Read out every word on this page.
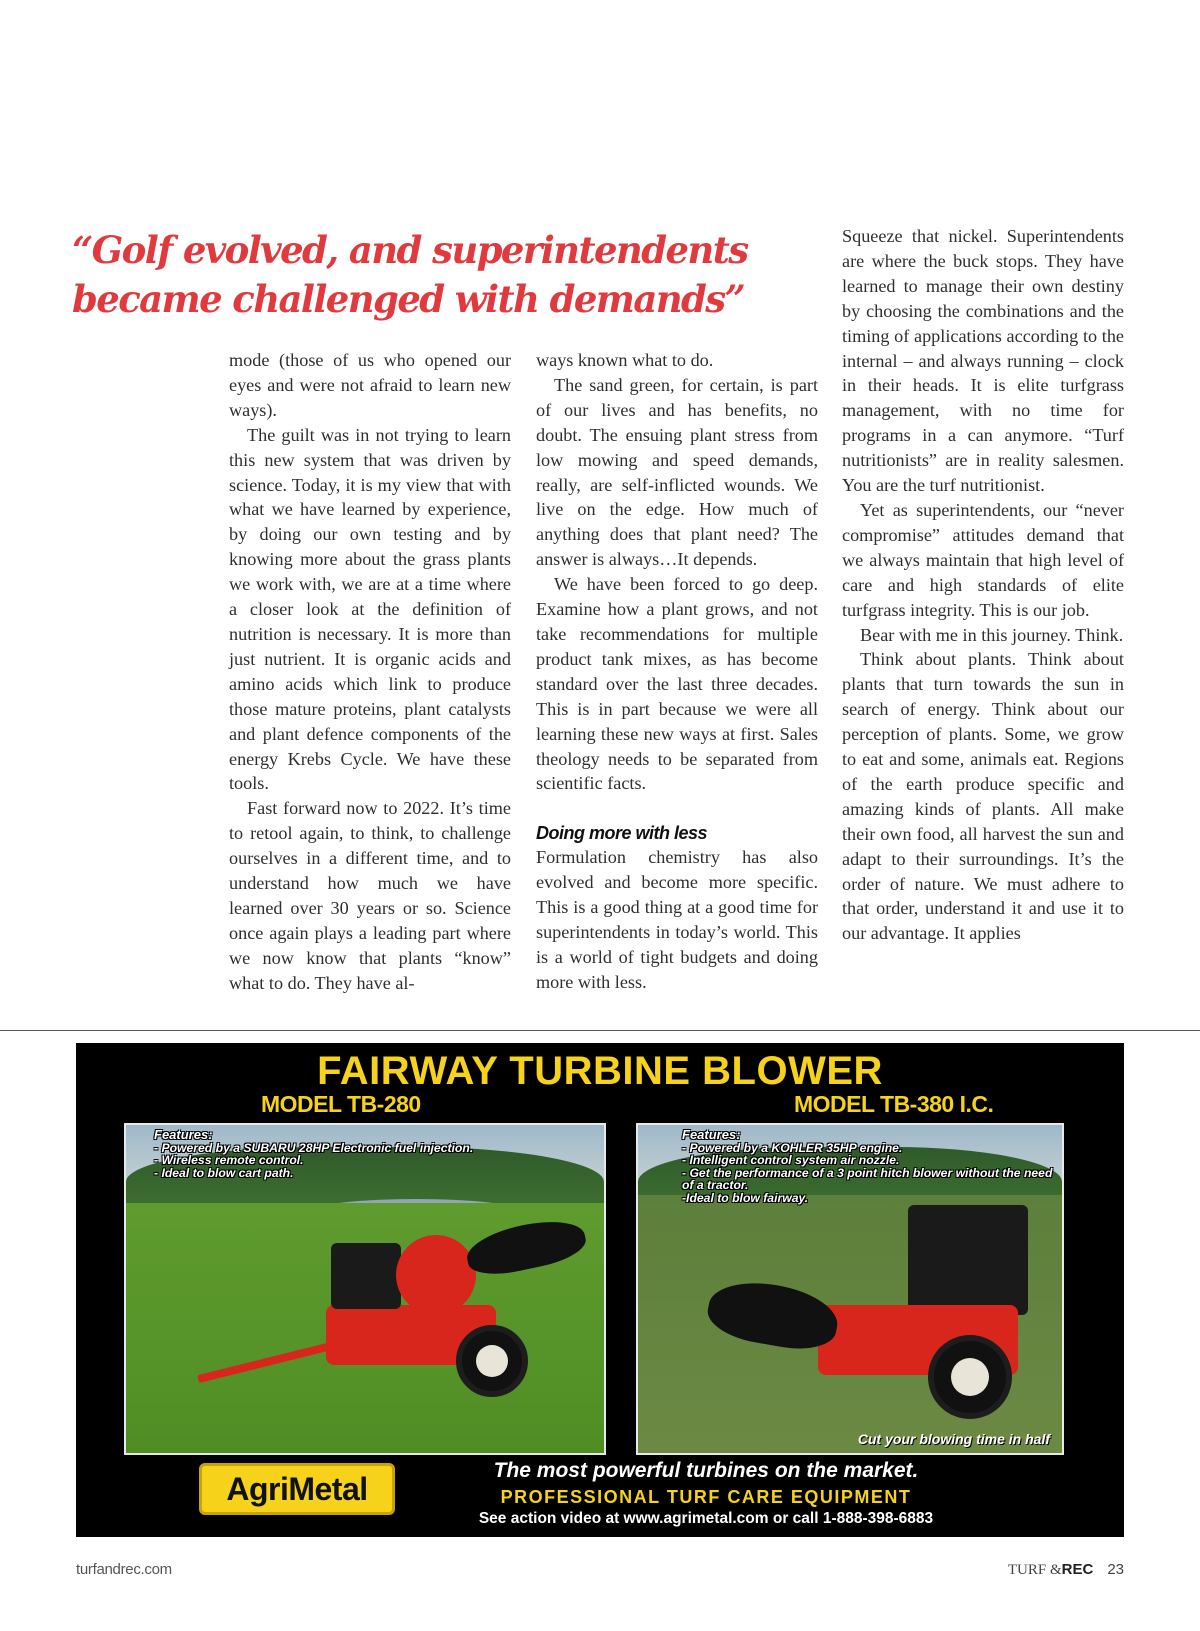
“Golf evolved, and superintendents
became challenged with demands”

mode (those of us who opened our eyes and were not afraid to learn new ways).

The guilt was in not trying to learn this new system that was driven by science. Today, it is my view that with what we have learned by experience, by doing our own testing and by knowing more about the grass plants we work with, we are at a time where a closer look at the definition of nutrition is necessary. It is more than just nutrient. It is organic acids and amino acids which link to produce those mature proteins, plant catalysts and plant defence components of the energy Krebs Cycle. We have these tools.

Fast forward now to 2022. It’s time to retool again, to think, to challenge ourselves in a different time, and to understand how much we have learned over 30 years or so. Science once again plays a leading part where we now know that plants “know” what to do. They have al-

ways known what to do.

The sand green, for certain, is part of our lives and has benefits, no doubt. The ensuing plant stress from low mowing and speed demands, really, are self-inflicted wounds. We live on the edge. How much of anything does that plant need? The answer is always…It depends.

We have been forced to go deep. Examine how a plant grows, and not take recommendations for multiple product tank mixes, as has become standard over the last three decades. This is in part because we were all learning these new ways at first. Sales theology needs to be separated from scientific facts.

Doing more with less

Formulation chemistry has also evolved and become more specific. This is a good thing at a good time for superintendents in today’s world. This is a world of tight budgets and doing more with less.

Squeeze that nickel. Superintendents are where the buck stops. They have learned to manage their own destiny by choosing the combinations and the timing of applications according to the internal – and always running – clock in their heads. It is elite turfgrass management, with no time for programs in a can anymore. “Turf nutritionists” are in reality salesmen. You are the turf nutritionist.

Yet as superintendents, our “never compromise” attitudes demand that we always maintain that high level of care and high standards of elite turfgrass integrity. This is our job.

Bear with me in this journey. Think.

Think about plants. Think about plants that turn towards the sun in search of energy. Think about our perception of plants. Some, we grow to eat and some, animals eat. Regions of the earth produce specific and amazing kinds of plants. All make their own food, all harvest the sun and adapt to their surroundings. It’s the order of nature. We must adhere to that order, understand it and use it to our advantage. It applies

FAIRWAY TURBINE BLOWER
MODEL TB-280	MODEL TB-380 I.C.
Features:
- Powered by a SUBARU 28HP Electronic fuel injection.
- Wireless remote control.
- Ideal to blow cart path.
Features:
- Powered by a KOHLER 35HP engine.
- Intelligent control system air nozzle.
- Get the performance of a 3 point hitch blower without the need of a tractor.
-Ideal to blow fairway.
Cut your blowing time in half
AgriMetal
The most powerful turbines on the market.
PROFESSIONAL TURF CARE EQUIPMENT
See action video at www.agrimetal.com or call 1-888-398-6883
turfandrec.com	TURF &REC 23
